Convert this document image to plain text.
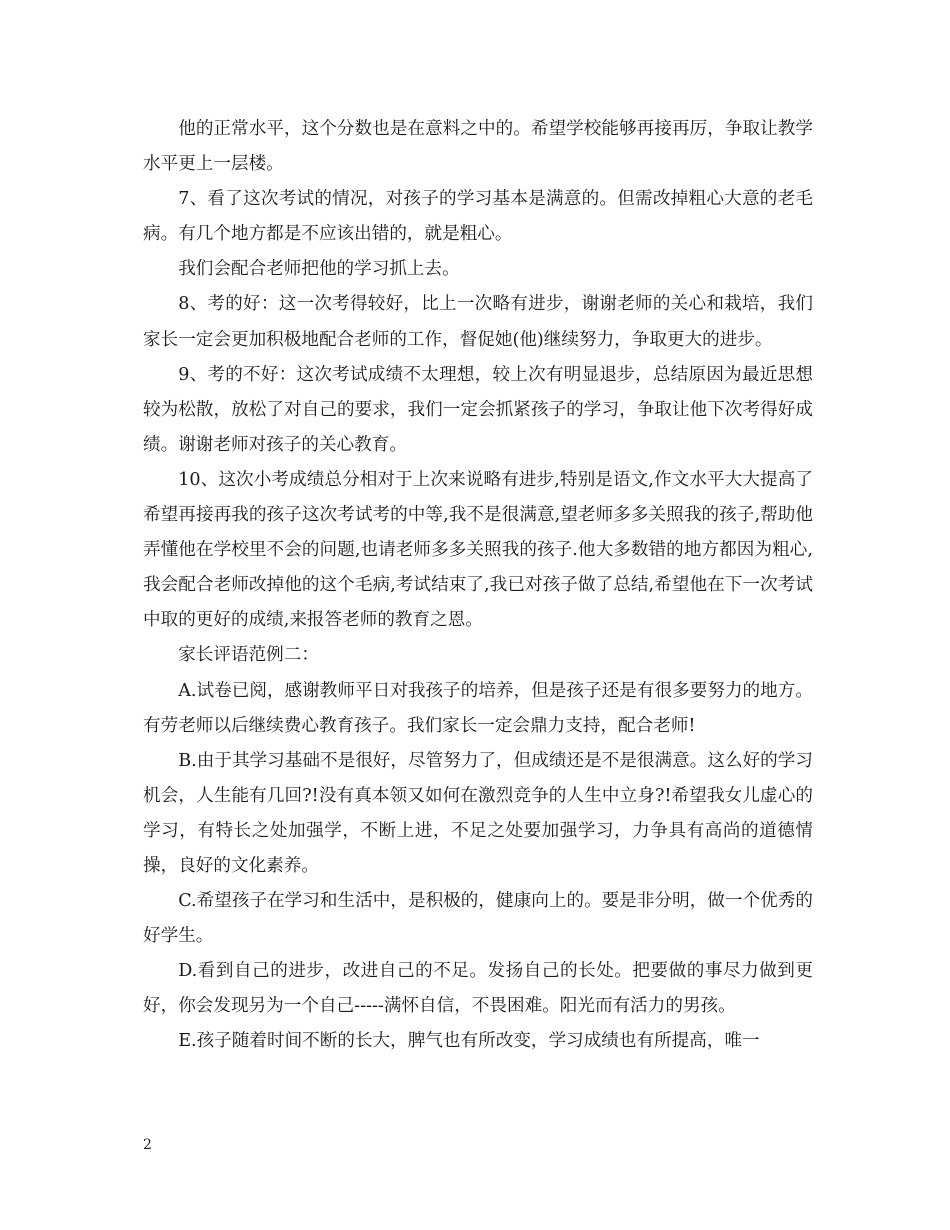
他的正常水平，这个分数也是在意料之中的。希望学校能够再接再厉，争取让教学水平更上一层楼。

7、看了这次考试的情况，对孩子的学习基本是满意的。但需改掉粗心大意的老毛病。有几个地方都是不应该出错的，就是粗心。

我们会配合老师把他的学习抓上去。

8、考的好：这一次考得较好，比上一次略有进步，谢谢老师的关心和栽培，我们家长一定会更加积极地配合老师的工作，督促她(他)继续努力，争取更大的进步。

9、考的不好：这次考试成绩不太理想，较上次有明显退步，总结原因为最近思想较为松散，放松了对自己的要求，我们一定会抓紧孩子的学习，争取让他下次考得好成绩。谢谢老师对孩子的关心教育。

10、这次小考成绩总分相对于上次来说略有进步,特别是语文,作文水平大大提高了希望再接再我的孩子这次考试考的中等,我不是很满意,望老师多多关照我的孩子,帮助他弄懂他在学校里不会的问题,也请老师多多关照我的孩子.他大多数错的地方都因为粗心,我会配合老师改掉他的这个毛病,考试结束了,我已对孩子做了总结,希望他在下一次考试中取的更好的成绩,来报答老师的教育之恩。

家长评语范例二：

A.试卷已阅，感谢教师平日对我孩子的培养，但是孩子还是有很多要努力的地方。有劳老师以后继续费心教育孩子。我们家长一定会鼎力支持，配合老师!

B.由于其学习基础不是很好，尽管努力了，但成绩还是不是很满意。这么好的学习机会，人生能有几回?!没有真本领又如何在激烈竞争的人生中立身?!希望我女儿虚心的学习，有特长之处加强学，不断上进，不足之处要加强学习，力争具有高尚的道德情操，良好的文化素养。

C.希望孩子在学习和生活中，是积极的，健康向上的。要是非分明，做一个优秀的好学生。

D.看到自己的进步，改进自己的不足。发扬自己的长处。把要做的事尽力做到更好，你会发现另为一个自己-----满怀自信，不畏困难。阳光而有活力的男孩。

E.孩子随着时间不断的长大，脾气也有所改变，学习成绩也有所提高，唯一

2
